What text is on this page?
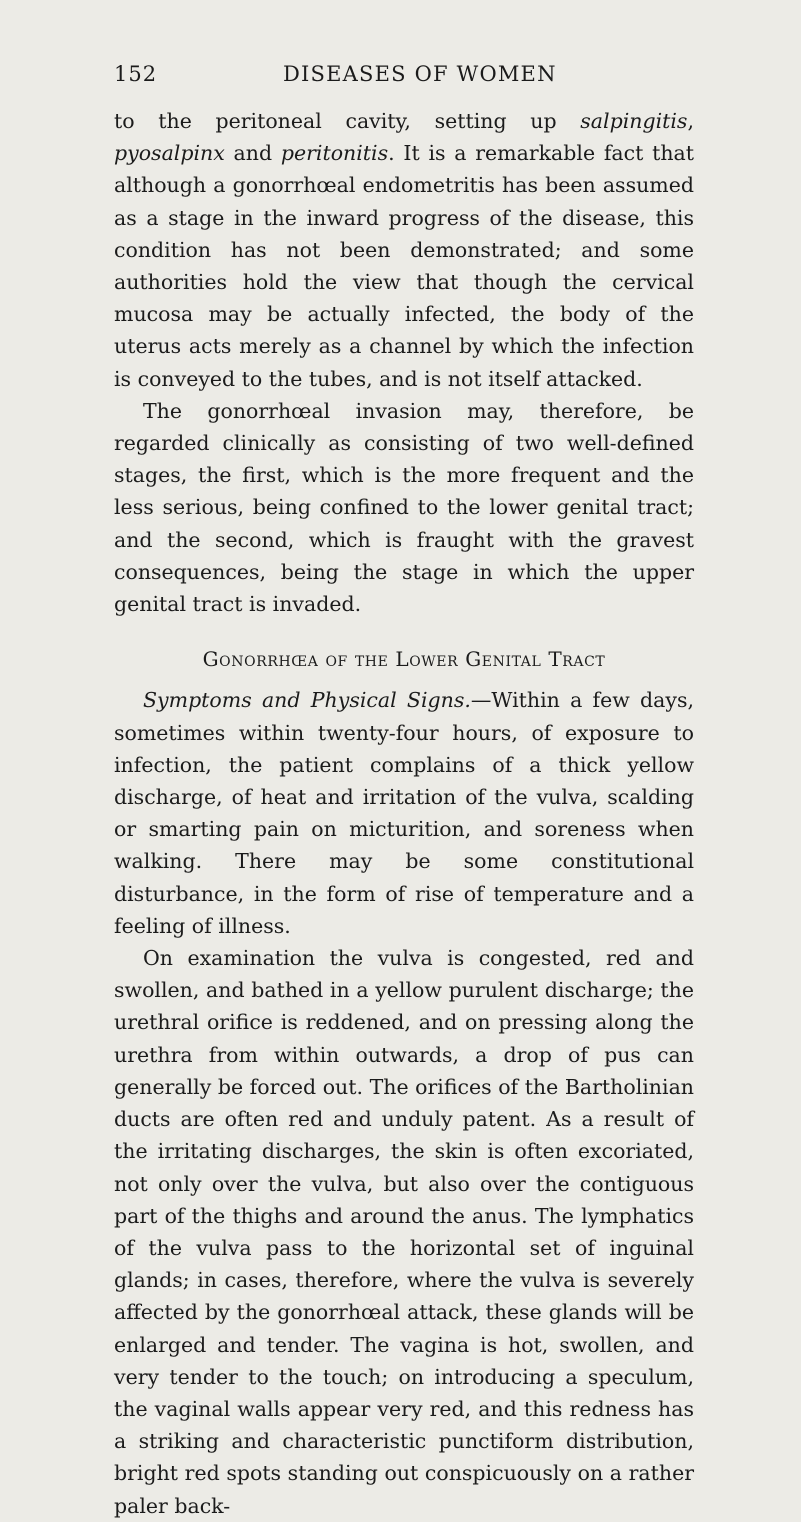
152	DISEASES OF WOMEN

to the peritoneal cavity, setting up salpingitis, pyosalpinx and peritonitis. It is a remarkable fact that although a gonorrhœal endometritis has been assumed as a stage in the inward progress of the disease, this condition has not been demonstrated; and some authorities hold the view that though the cervical mucosa may be actually infected, the body of the uterus acts merely as a channel by which the infection is conveyed to the tubes, and is not itself attacked.

The gonorrhœal invasion may, therefore, be regarded clinically as consisting of two well-defined stages, the first, which is the more frequent and the less serious, being confined to the lower genital tract; and the second, which is fraught with the gravest consequences, being the stage in which the upper genital tract is invaded.

Gonorrhœa of the Lower Genital Tract

Symptoms and Physical Signs.—Within a few days, sometimes within twenty-four hours, of exposure to infection, the patient complains of a thick yellow discharge, of heat and irritation of the vulva, scalding or smarting pain on micturition, and soreness when walking. There may be some constitutional disturbance, in the form of rise of temperature and a feeling of illness.

On examination the vulva is congested, red and swollen, and bathed in a yellow purulent discharge; the urethral orifice is reddened, and on pressing along the urethra from within outwards, a drop of pus can generally be forced out. The orifices of the Bartholinian ducts are often red and unduly patent. As a result of the irritating discharges, the skin is often excoriated, not only over the vulva, but also over the contiguous part of the thighs and around the anus. The lymphatics of the vulva pass to the horizontal set of inguinal glands; in cases, therefore, where the vulva is severely affected by the gonorrhœal attack, these glands will be enlarged and tender. The vagina is hot, swollen, and very tender to the touch; on introducing a speculum, the vaginal walls appear very red, and this redness has a striking and characteristic punctiform distribution, bright red spots standing out conspicuously on a rather paler back-
